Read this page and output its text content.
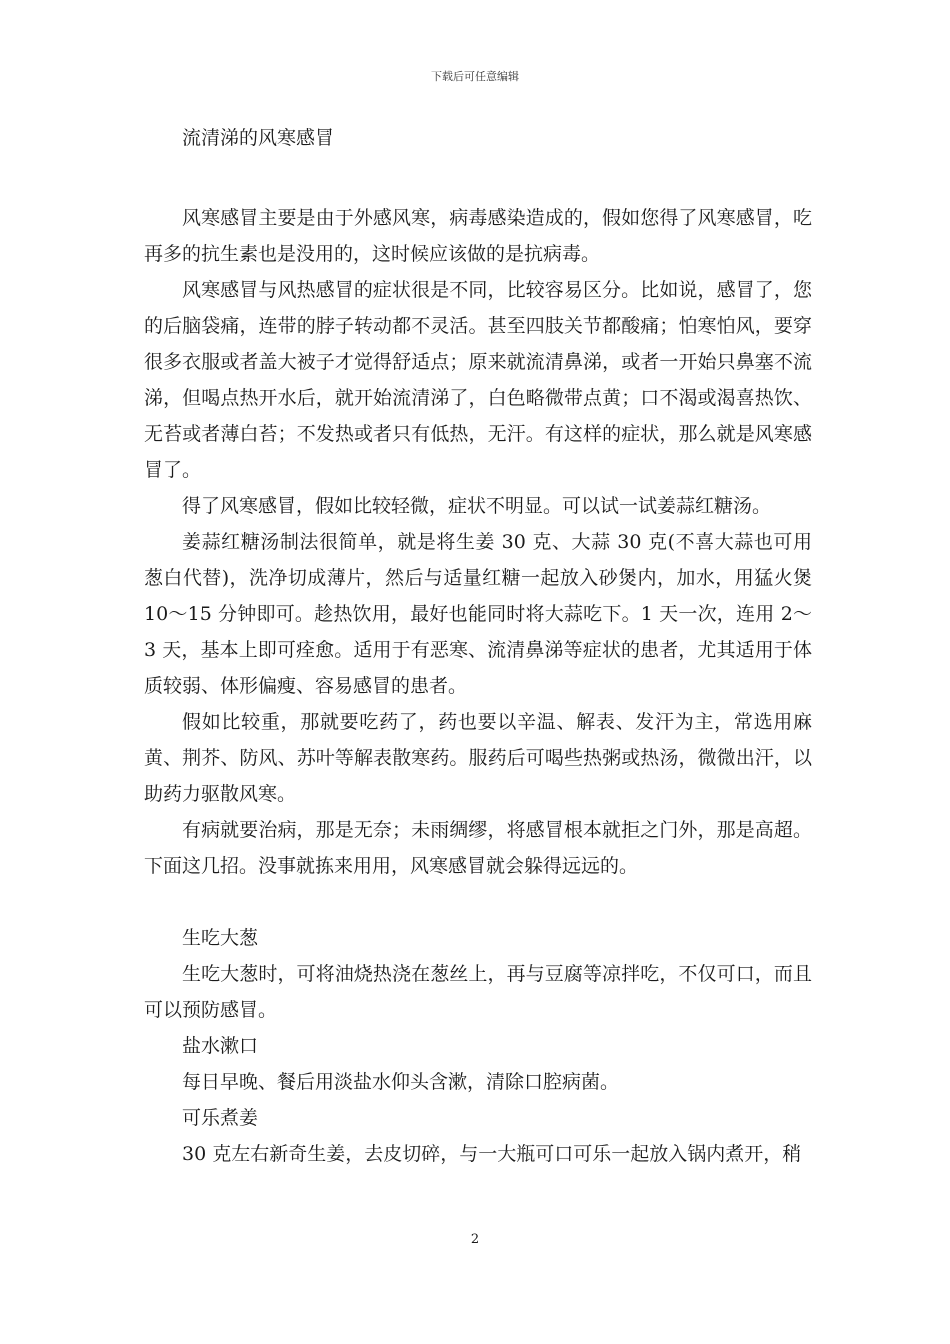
下载后可任意编辑
流清涕的风寒感冒

风寒感冒主要是由于外感风寒，病毒感染造成的，假如您得了风寒感冒，吃再多的抗生素也是没用的，这时候应该做的是抗病毒。

风寒感冒与风热感冒的症状很是不同，比较容易区分。比如说，感冒了，您的后脑袋痛，连带的脖子转动都不灵活。甚至四肢关节都酸痛；怕寒怕风，要穿很多衣服或者盖大被子才觉得舒适点；原来就流清鼻涕，或者一开始只鼻塞不流涕，但喝点热开水后，就开始流清涕了，白色略微带点黄；口不渴或渴喜热饮、无苔或者薄白苔；不发热或者只有低热，无汗。有这样的症状，那么就是风寒感冒了。

得了风寒感冒，假如比较轻微，症状不明显。可以试一试姜蒜红糖汤。

姜蒜红糖汤制法很简单，就是将生姜 30 克、大蒜 30 克(不喜大蒜也可用葱白代替)，洗净切成薄片，然后与适量红糖一起放入砂煲内，加水，用猛火煲 10～15 分钟即可。趁热饮用，最好也能同时将大蒜吃下。1 天一次，连用 2～3 天，基本上即可痊愈。适用于有恶寒、流清鼻涕等症状的患者，尤其适用于体质较弱、体形偏瘦、容易感冒的患者。

假如比较重，那就要吃药了，药也要以辛温、解表、发汗为主，常选用麻黄、荆芥、防风、苏叶等解表散寒药。服药后可喝些热粥或热汤，微微出汗，以助药力驱散风寒。

有病就要治病，那是无奈；未雨绸缪，将感冒根本就拒之门外，那是高超。下面这几招。没事就拣来用用，风寒感冒就会躲得远远的。

生吃大葱

生吃大葱时，可将油烧热浇在葱丝上，再与豆腐等凉拌吃，不仅可口，而且可以预防感冒。

盐水漱口

每日早晚、餐后用淡盐水仰头含漱，清除口腔病菌。

可乐煮姜

30 克左右新奇生姜，去皮切碎，与一大瓶可口可乐一起放入锅内煮开，稍

2
